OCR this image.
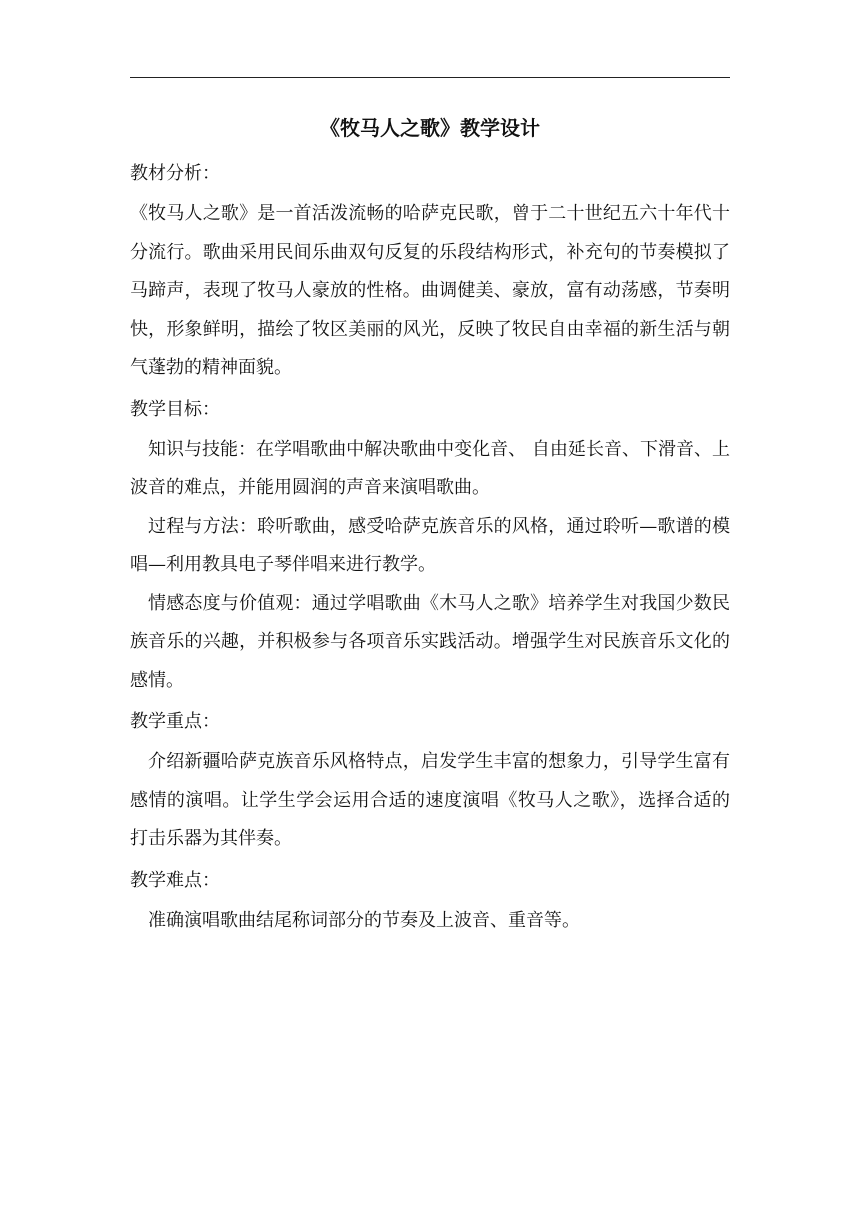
《牧马人之歌》教学设计
教材分析：

《牧马人之歌》是一首活泼流畅的哈萨克民歌，曾于二十世纪五六十年代十分流行。歌曲采用民间乐曲双句反复的乐段结构形式，补充句的节奏模拟了马蹄声，表现了牧马人豪放的性格。曲调健美、豪放，富有动荡感，节奏明快，形象鲜明，描绘了牧区美丽的风光，反映了牧民自由幸福的新生活与朝气蓬勃的精神面貌。

教学目标：

知识与技能：在学唱歌曲中解决歌曲中变化音、 自由延长音、下滑音、上波音的难点，并能用圆润的声音来演唱歌曲。

过程与方法：聆听歌曲，感受哈萨克族音乐的风格，通过聆听—歌谱的模唱—利用教具电子琴伴唱来进行教学。

情感态度与价值观：通过学唱歌曲《木马人之歌》培养学生对我国少数民族音乐的兴趣，并积极参与各项音乐实践活动。增强学生对民族音乐文化的感情。

教学重点：

介绍新疆哈萨克族音乐风格特点，启发学生丰富的想象力，引导学生富有感情的演唱。让学生学会运用合适的速度演唱《牧马人之歌》，选择合适的打击乐器为其伴奏。

教学难点：

准确演唱歌曲结尾称词部分的节奏及上波音、重音等。
